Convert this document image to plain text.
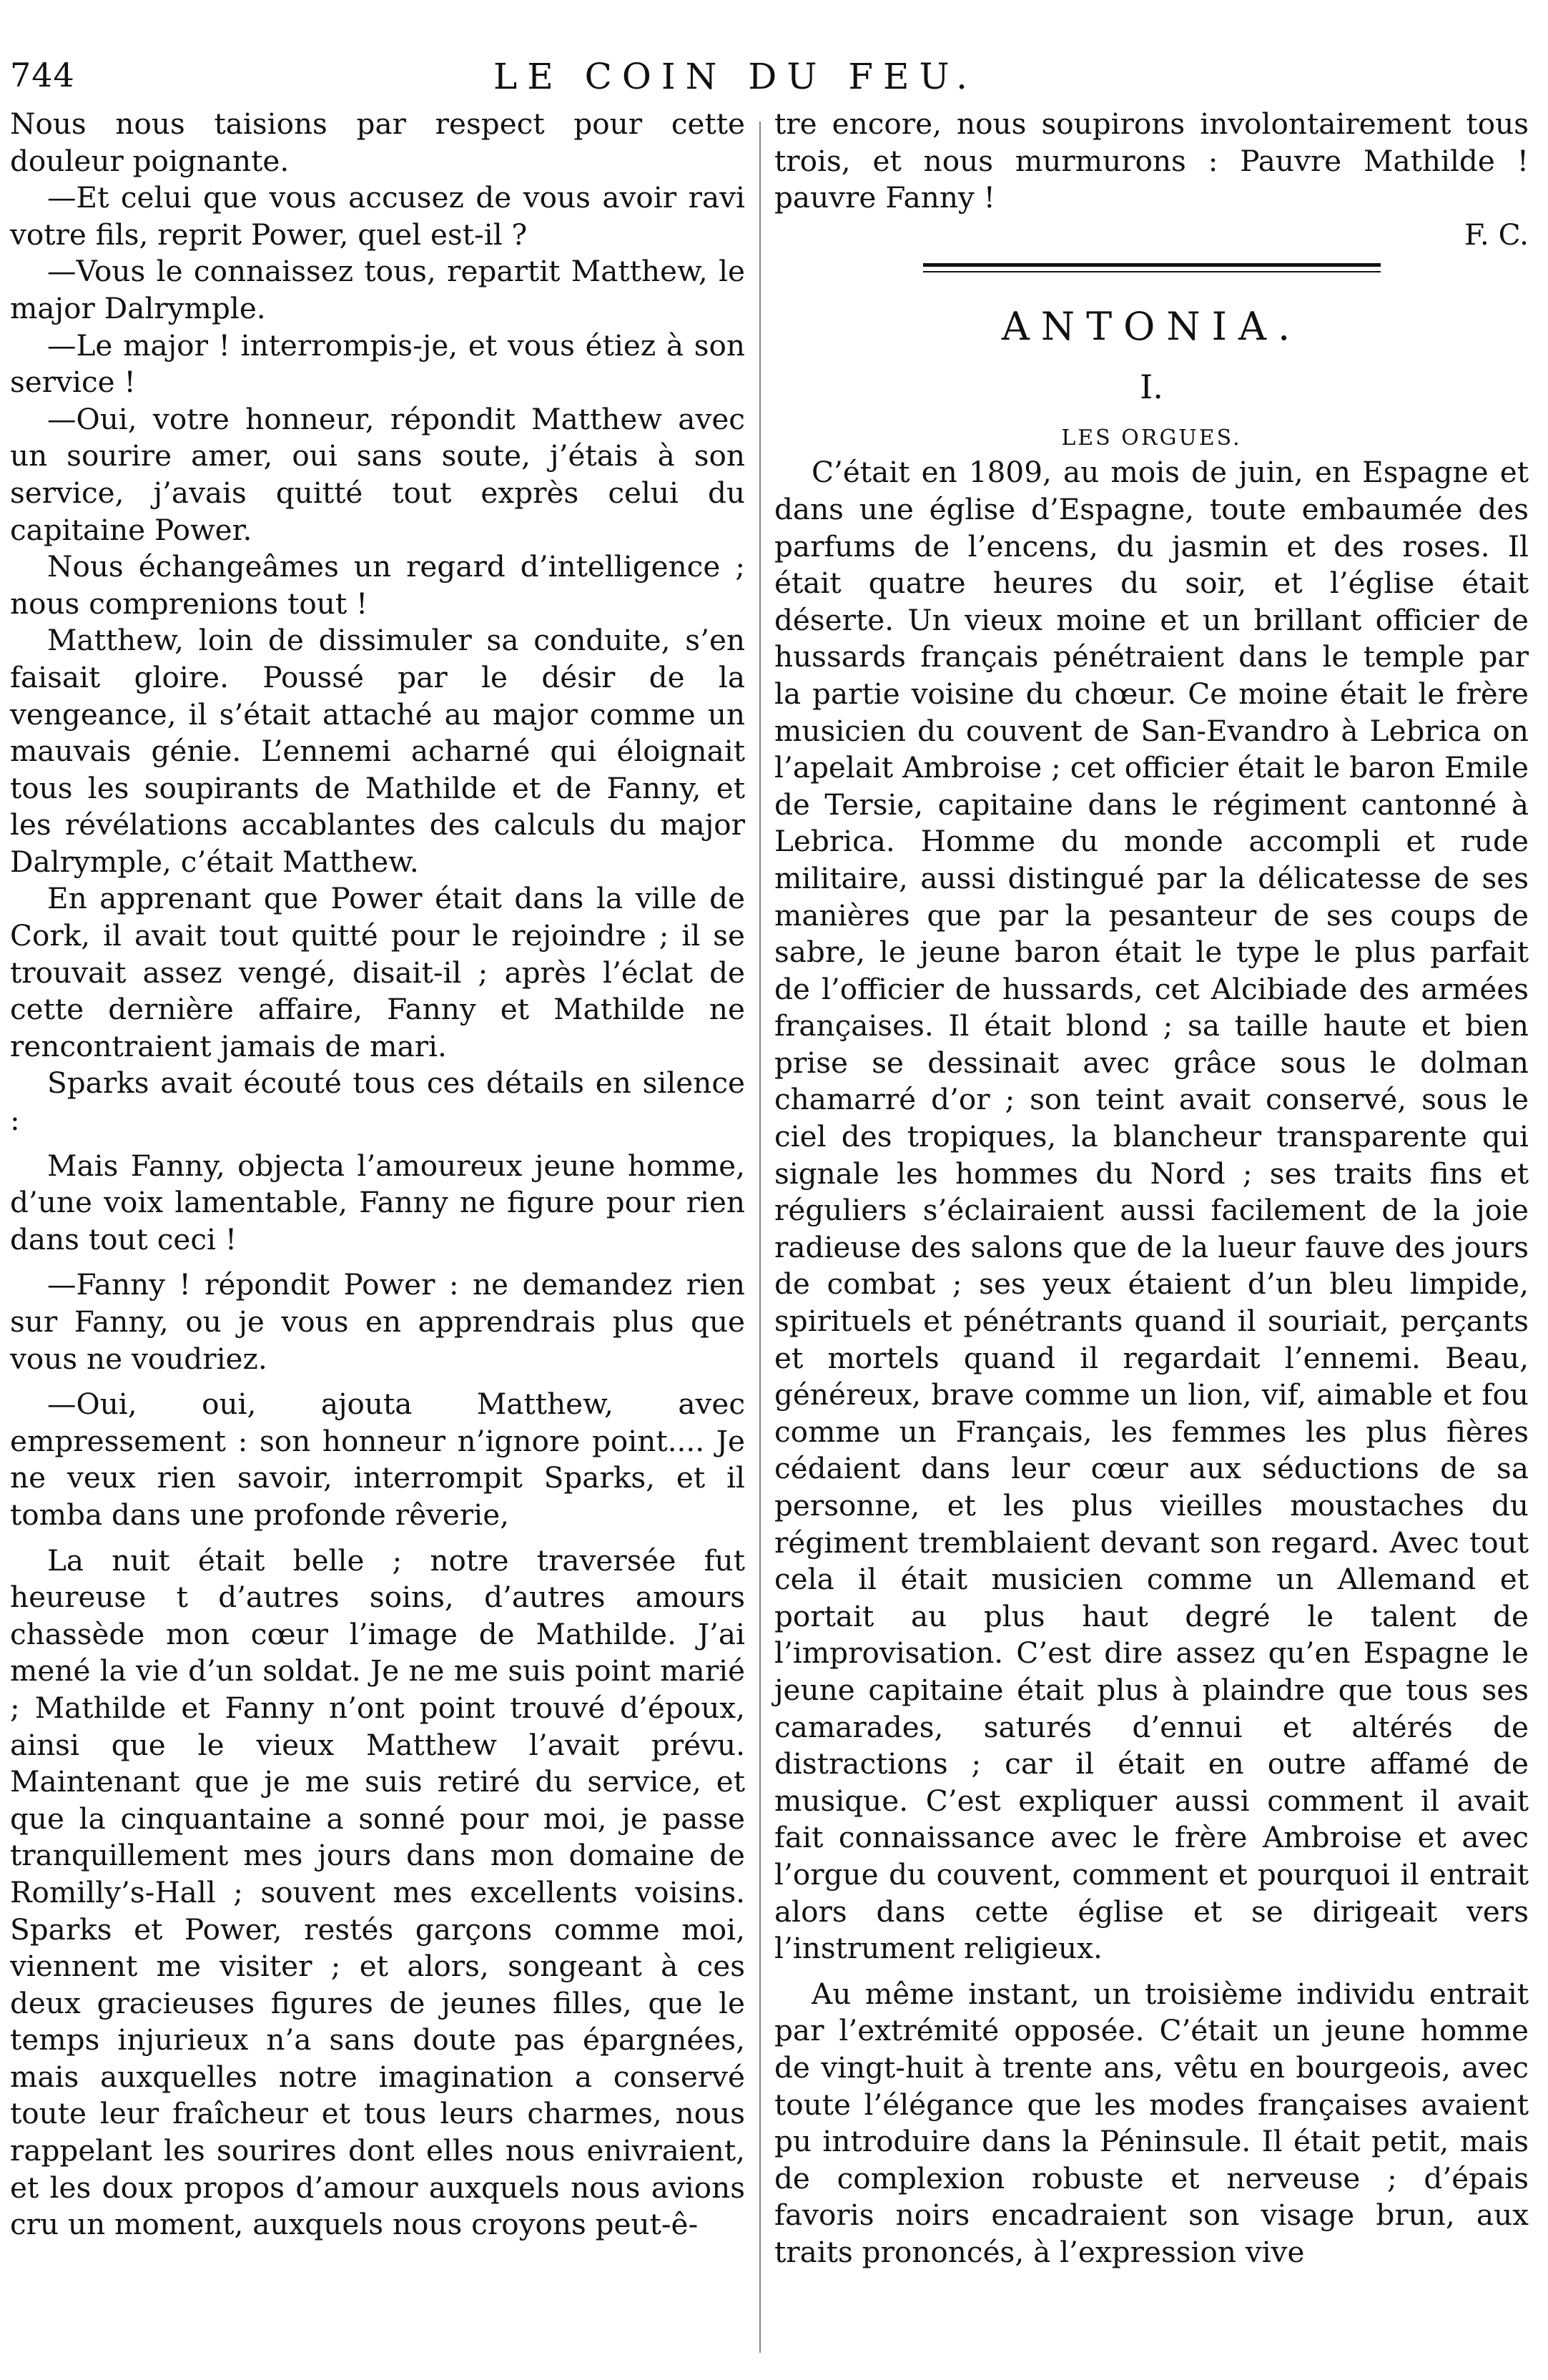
744	LE COIN DU FEU.

Nous nous taisions par respect pour cette douleur poignante.

—Et celui que vous accusez de vous avoir ravi votre fils, reprit Power, quel est-il ?

—Vous le connaissez tous, repartit Matthew, le major Dalrymple.

—Le major ! interrompis-je, et vous étiez à son service !

—Oui, votre honneur, répondit Matthew avec un sourire amer, oui sans soute, j’étais à son service, j’avais quitté tout exprès celui du capitaine Power.

Nous échangeâmes un regard d’intelligence ; nous comprenions tout !

Matthew, loin de dissimuler sa conduite, s’en faisait gloire. Poussé par le désir de la vengeance, il s’était attaché au major comme un mauvais génie. L’ennemi acharné qui éloignait tous les soupirants de Mathilde et de Fanny, et les révélations accablantes des calculs du major Dalrymple, c’était Matthew.

En apprenant que Power était dans la ville de Cork, il avait tout quitté pour le rejoindre ; il se trouvait assez vengé, disait-il ; après l’éclat de cette dernière affaire, Fanny et Mathilde ne rencontraient jamais de mari.

Sparks avait écouté tous ces détails en silence :

Mais Fanny, objecta l’amoureux jeune homme, d’une voix lamentable, Fanny ne figure pour rien dans tout ceci !

—Fanny ! répondit Power : ne demandez rien sur Fanny, ou je vous en apprendrais plus que vous ne voudriez.

—Oui, oui, ajouta Matthew, avec empressement : son honneur n’ignore point.... Je ne veux rien savoir, interrompit Sparks, et il tomba dans une profonde rêverie,

La nuit était belle ; notre traversée fut heureuse t d’autres soins, d’autres amours chassède mon cœur l’image de Mathilde. J’ai mené la vie d’un soldat. Je ne me suis point marié ; Mathilde et Fanny n’ont point trouvé d’époux, ainsi que le vieux Matthew l’avait prévu. Maintenant que je me suis retiré du service, et que la cinquantaine a sonné pour moi, je passe tranquillement mes jours dans mon domaine de Romilly’s-Hall ; souvent mes excellents voisins. Sparks et Power, restés garçons comme moi, viennent me visiter ; et alors, songeant à ces deux gracieuses figures de jeunes filles, que le temps injurieux n’a sans doute pas épargnées, mais auxquelles notre imagination a conservé toute leur fraîcheur et tous leurs charmes, nous rappelant les sourires dont elles nous enivraient, et les doux propos d’amour auxquels nous avions cru un moment, auxquels nous croyons peut-ê-

tre encore, nous soupirons involontairement tous trois, et nous murmurons : Pauvre Mathilde ! pauvre Fanny !

F. C.
ANTONIA.
I.
LES ORGUES.

C’était en 1809, au mois de juin, en Espagne et dans une église d’Espagne, toute embaumée des parfums de l’encens, du jasmin et des roses. Il était quatre heures du soir, et l’église était déserte. Un vieux moine et un brillant officier de hussards français pénétraient dans le temple par la partie voisine du chœur. Ce moine était le frère musicien du couvent de San-Evandro à Lebrica on l’apelait Ambroise ; cet officier était le baron Emile de Tersie, capitaine dans le régiment cantonné à Lebrica. Homme du monde accompli et rude militaire, aussi distingué par la délicatesse de ses manières que par la pesanteur de ses coups de sabre, le jeune baron était le type le plus parfait de l’officier de hussards, cet Alcibiade des armées françaises. Il était blond ; sa taille haute et bien prise se dessinait avec grâce sous le dolman chamarré d’or ; son teint avait conservé, sous le ciel des tropiques, la blancheur transparente qui signale les hommes du Nord ; ses traits fins et réguliers s’éclairaient aussi facilement de la joie radieuse des salons que de la lueur fauve des jours de combat ; ses yeux étaient d’un bleu limpide, spirituels et pénétrants quand il souriait, perçants et mortels quand il regardait l’ennemi. Beau, généreux, brave comme un lion, vif, aimable et fou comme un Français, les femmes les plus fières cédaient dans leur cœur aux séductions de sa personne, et les plus vieilles moustaches du régiment tremblaient devant son regard. Avec tout cela il était musicien comme un Allemand et portait au plus haut degré le talent de l’improvisation. C’est dire assez qu’en Espagne le jeune capitaine était plus à plaindre que tous ses camarades, saturés d’ennui et altérés de distractions ; car il était en outre affamé de musique. C’est expliquer aussi comment il avait fait connaissance avec le frère Ambroise et avec l’orgue du couvent, comment et pourquoi il entrait alors dans cette église et se dirigeait vers l’instrument religieux.

Au même instant, un troisième individu entrait par l’extrémité opposée. C’était un jeune homme de vingt-huit à trente ans, vêtu en bourgeois, avec toute l’élégance que les modes françaises avaient pu introduire dans la Péninsule. Il était petit, mais de complexion robuste et nerveuse ; d’épais favoris noirs encadraient son visage brun, aux traits prononcés, à l’expression vive
